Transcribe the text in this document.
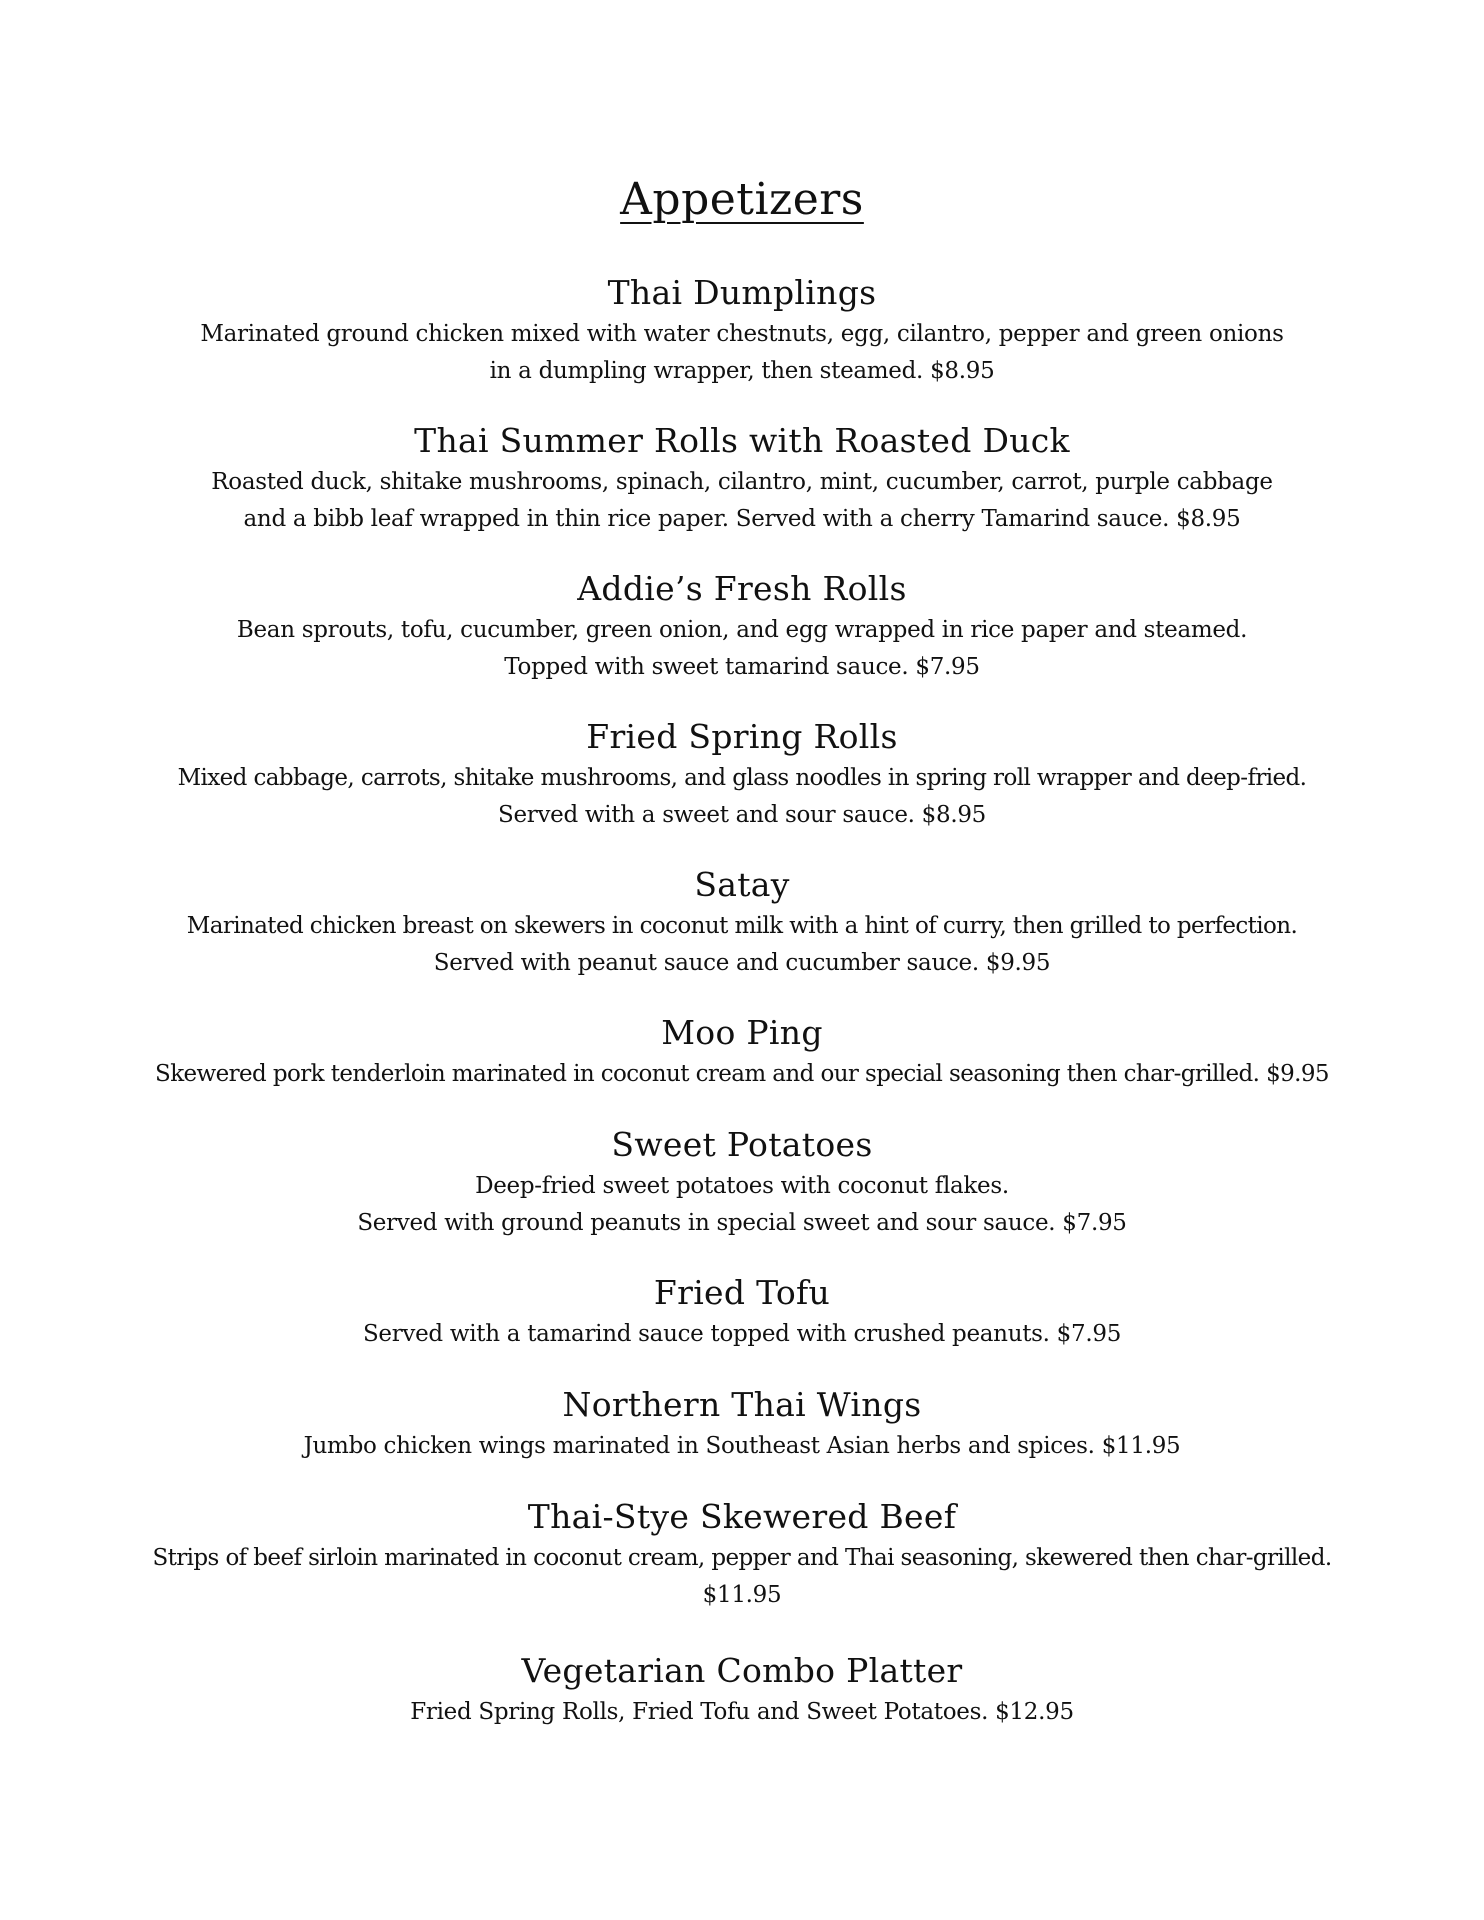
Appetizers
Thai Dumplings
Marinated ground chicken mixed with water chestnuts, egg, cilantro, pepper and green onions
in a dumpling wrapper, then steamed. $8.95
Thai Summer Rolls with Roasted Duck
Roasted duck, shitake mushrooms, spinach, cilantro, mint, cucumber, carrot, purple cabbage
and a bibb leaf wrapped in thin rice paper. Served with a cherry Tamarind sauce. $8.95
Addie’s Fresh Rolls
Bean sprouts, tofu, cucumber, green onion, and egg wrapped in rice paper and steamed.
Topped with sweet tamarind sauce. $7.95
Fried Spring Rolls
Mixed cabbage, carrots, shitake mushrooms, and glass noodles in spring roll wrapper and deep-fried.
Served with a sweet and sour sauce. $8.95
Satay
Marinated chicken breast on skewers in coconut milk with a hint of curry, then grilled to perfection.
Served with peanut sauce and cucumber sauce. $9.95
Moo Ping
Skewered pork tenderloin marinated in coconut cream and our special seasoning then char-grilled. $9.95
Sweet Potatoes
Deep-fried sweet potatoes with coconut flakes.
Served with ground peanuts in special sweet and sour sauce. $7.95
Fried Tofu
Served with a tamarind sauce topped with crushed peanuts. $7.95
Northern Thai Wings
Jumbo chicken wings marinated in Southeast Asian herbs and spices. $11.95
Thai-Stye Skewered Beef
Strips of beef sirloin marinated in coconut cream, pepper and Thai seasoning, skewered then char-grilled.
$11.95
Vegetarian Combo Platter
Fried Spring Rolls, Fried Tofu and Sweet Potatoes. $12.95
